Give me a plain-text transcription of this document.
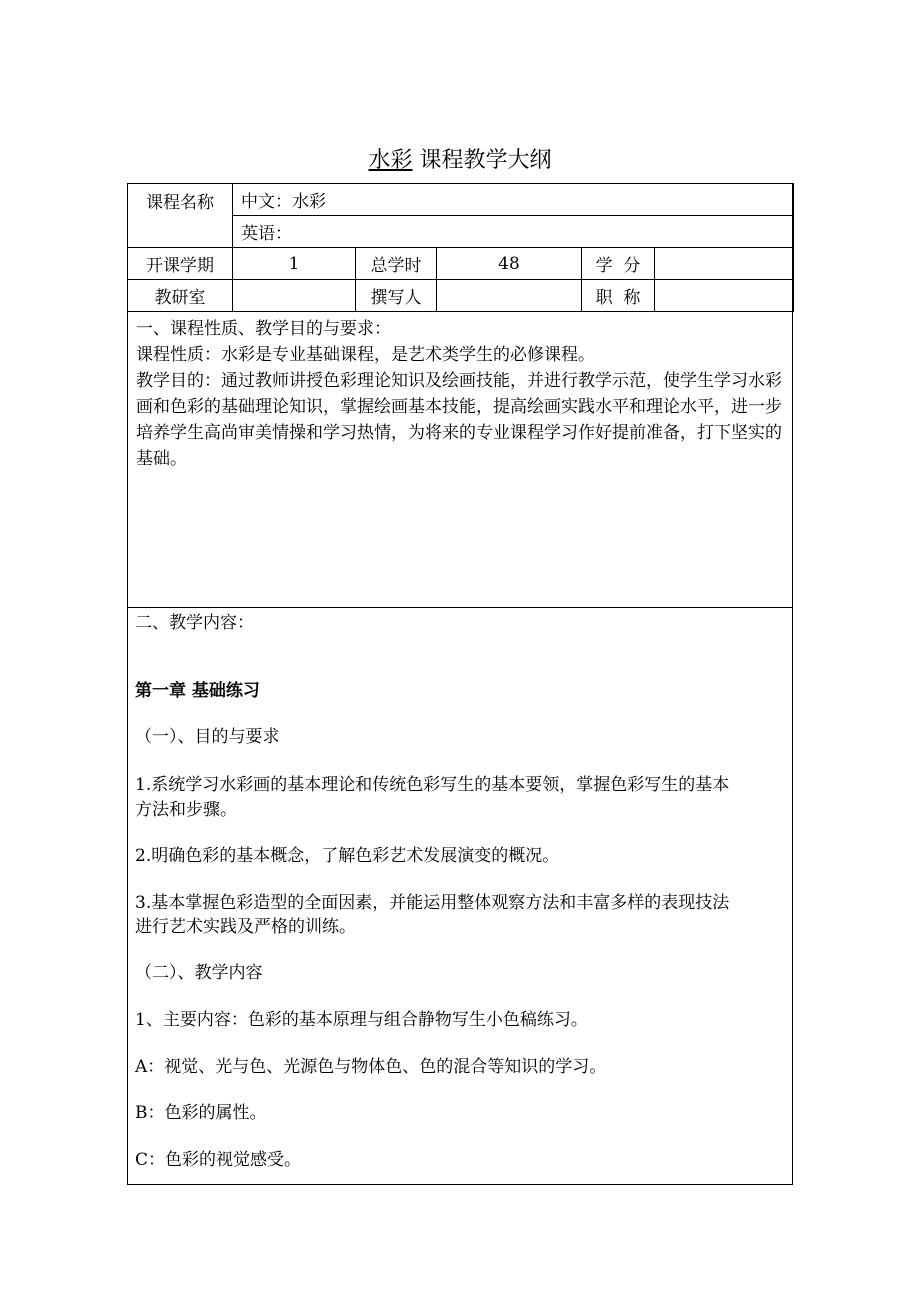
水彩 课程教学大纲
课程名称	中文：水彩				
	英语：				
开课学期	1	总学时	48	学  分	
教研室		撰写人		职  称	

一、课程性质、教学目的与要求：

课程性质：水彩是专业基础课程，是艺术类学生的必修课程。

教学目的：通过教师讲授色彩理论知识及绘画技能，并进行教学示范，使学生学习水彩画和色彩的基础理论知识，掌握绘画基本技能，提高绘画实践水平和理论水平，进一步培养学生高尚审美情操和学习热情，为将来的专业课程学习作好提前准备，打下坚实的基础。

二、教学内容：

第一章 基础练习

（一）、目的与要求

1.系统学习水彩画的基本理论和传统色彩写生的基本要领，掌握色彩写生的基本

方法和步骤。

2.明确色彩的基本概念，了解色彩艺术发展演变的概况。

3.基本掌握色彩造型的全面因素，并能运用整体观察方法和丰富多样的表现技法

进行艺术实践及严格的训练。

（二）、教学内容

1、主要内容：色彩的基本原理与组合静物写生小色稿练习。

A：视觉、光与色、光源色与物体色、色的混合等知识的学习。

B：色彩的属性。

C：色彩的视觉感受。
